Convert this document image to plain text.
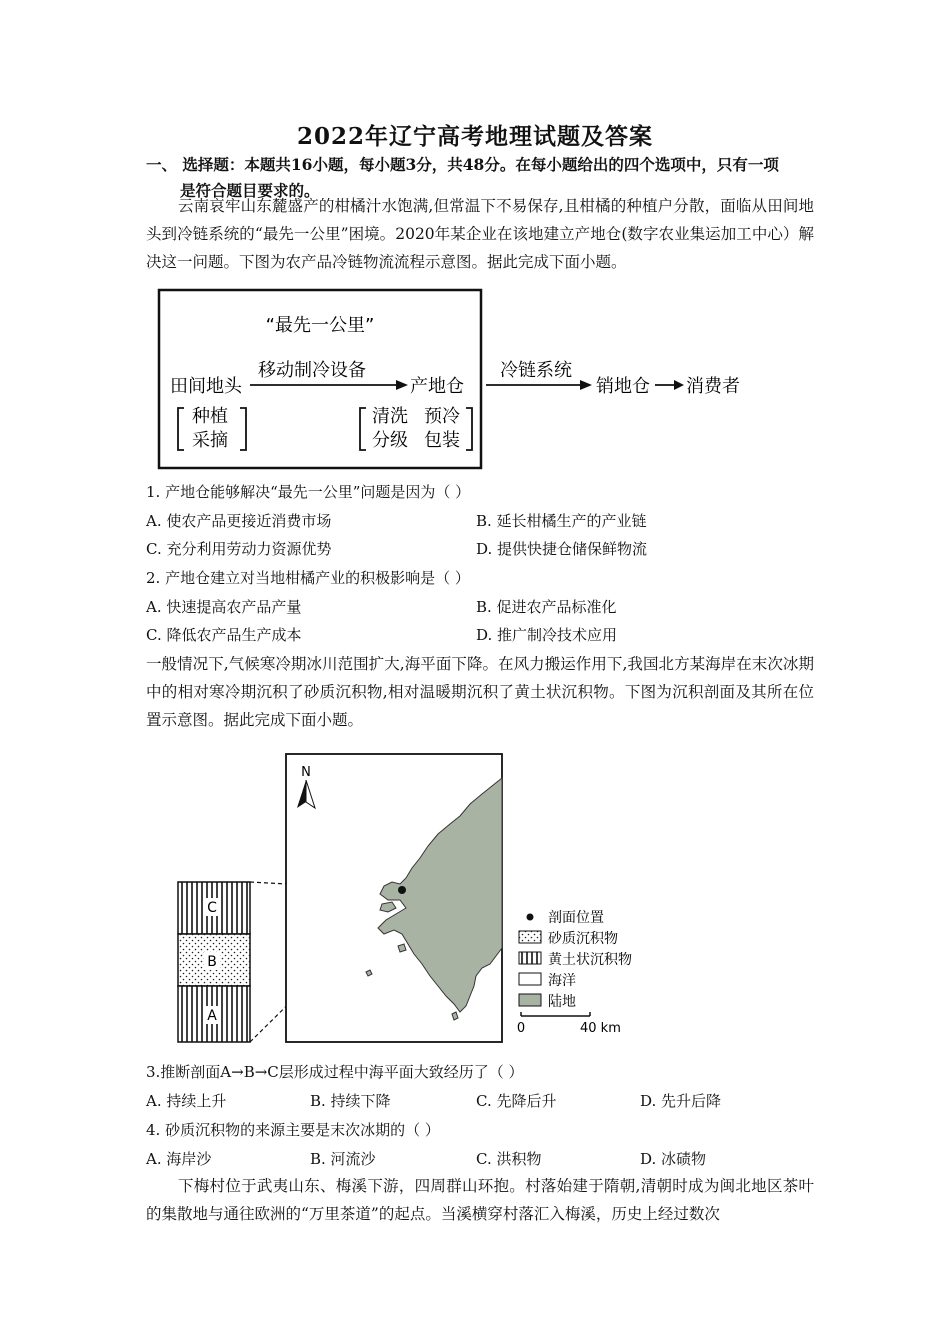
2022年辽宁高考地理试题及答案
一、 选择题：本题共16小题，每小题3分，共48分。在每小题给出的四个选项中，只有一项
是符合题目要求的。
云南哀牢山东麓盛产的柑橘汁水饱满,但常温下不易保存,且柑橘的种植户分散，面临从田间地头到冷链系统的“最先一公里”困境。2020年某企业在该地建立产地仓(数字农业集运加工中心）解决这一问题。下图为农产品冷链物流流程示意图。据此完成下面小题。
“最先一公里”
田间地头
移动制冷设备
产地仓
种植
采摘
清洗 预冷
分级 包装
冷链系统
销地仓 消费者
1. 产地仓能够解决“最先一公里”问题是因为（ ）
A. 使农产品更接近消费市场	B. 延长柑橘生产的产业链
C. 充分利用劳动力资源优势	D. 提供快捷仓储保鲜物流
2. 产地仓建立对当地柑橘产业的积极影响是（ ）
A. 快速提高农产品产量	B. 促进农产品标准化
C. 降低农产品生产成本	D. 推广制冷技术应用
一般情况下,气候寒冷期冰川范围扩大,海平面下降。在风力搬运作用下,我国北方某海岸在末次冰期中的相对寒冷期沉积了砂质沉积物,相对温暖期沉积了黄土状沉积物。下图为沉积剖面及其所在位置示意图。据此完成下面小题。
C
B
A
N
剖面位置
砂质沉积物
黄土状沉积物
海洋
陆地
0	40 km
3.推断剖面A→B→C层形成过程中海平面大致经历了（ ）
A. 持续上升	B. 持续下降	C. 先降后升	D. 先升后降
4. 砂质沉积物的来源主要是末次冰期的（ ）
A. 海岸沙	B. 河流沙	C. 洪积物	D. 冰碛物
下梅村位于武夷山东、梅溪下游，四周群山环抱。村落始建于隋朝,清朝时成为闽北地区茶叶的集散地与通往欧洲的“万里茶道”的起点。当溪横穿村落汇入梅溪，历史上经过数次
